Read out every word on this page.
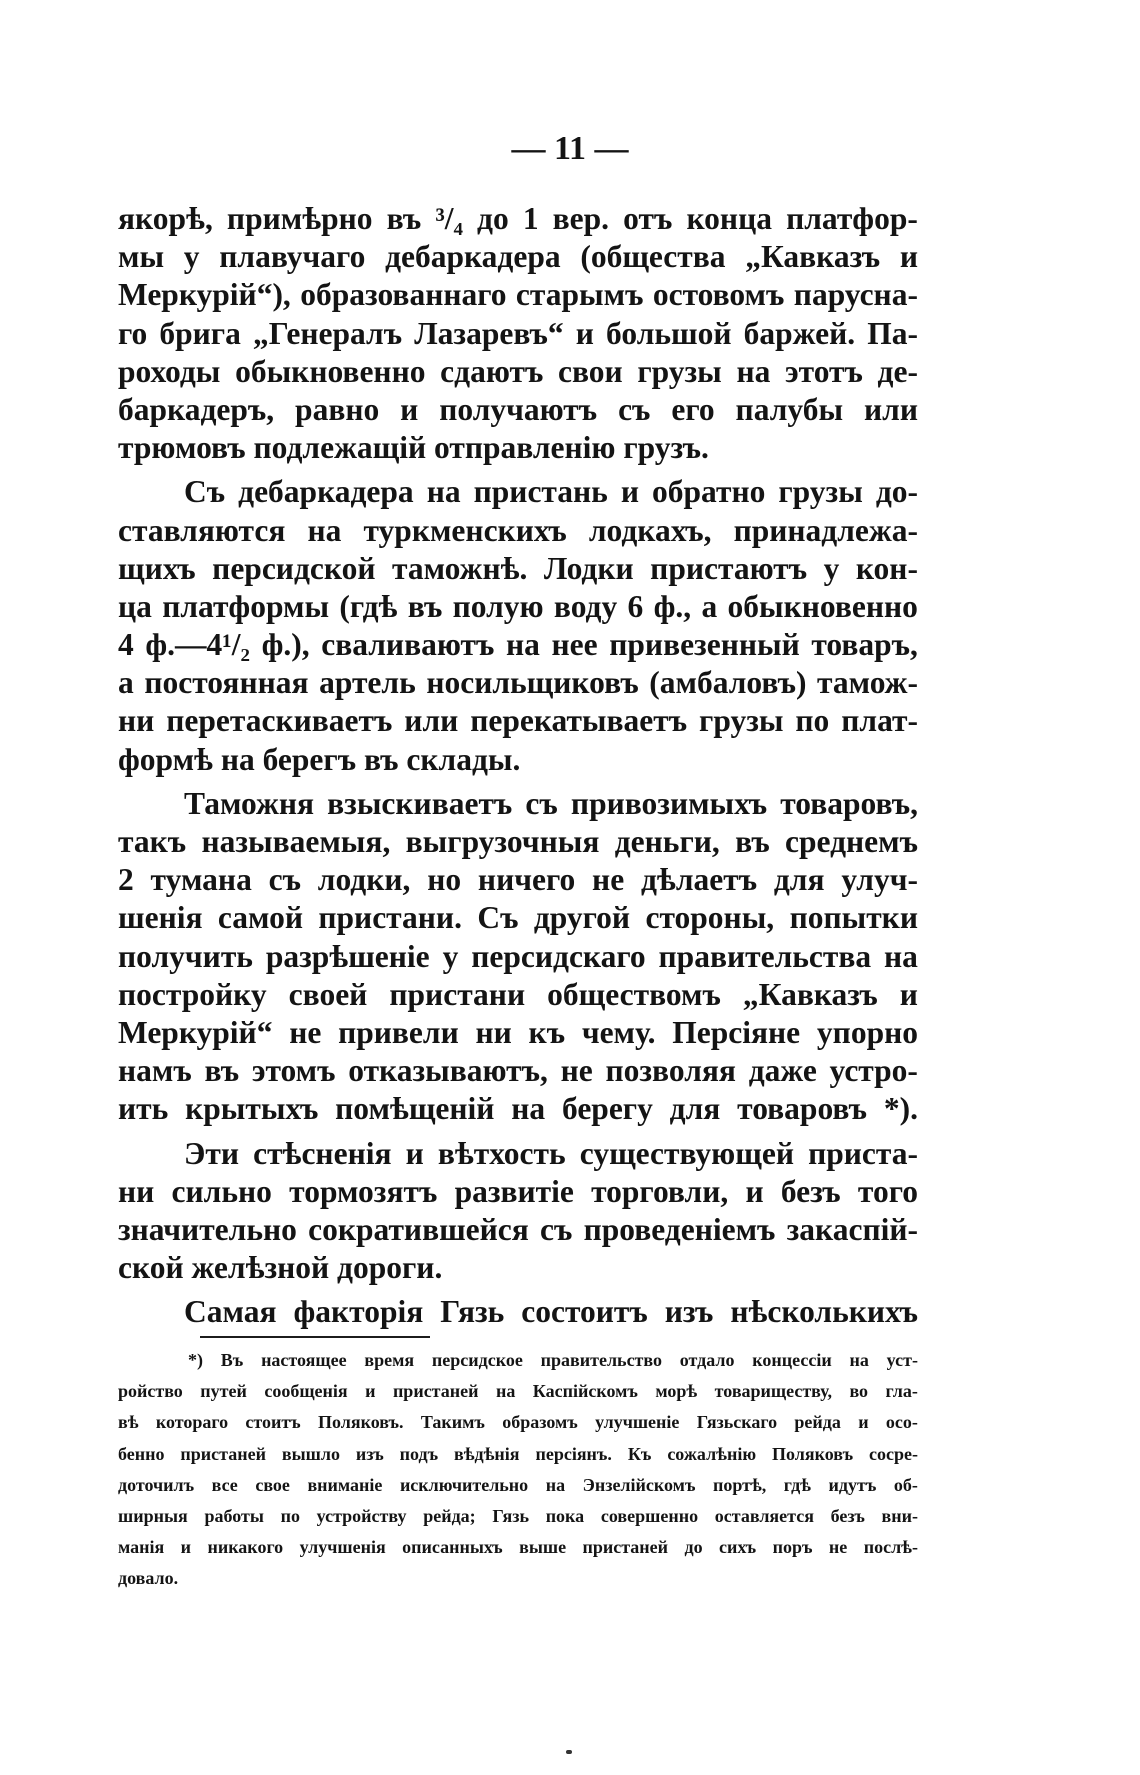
— 11 —
якорѣ, примѣрно въ ³/₄ до 1 вер. отъ конца платфор-
мы у плавучаго дебаркадера (общества „Кавказъ и
Меркурій“), образованнаго старымъ остовомъ паруснa-
го брига „Генералъ Лазаревъ“ и большой баржей. Па-
роходы обыкновенно сдаютъ свои грузы на этотъ де-
баркадеръ, равно и получаютъ съ его палубы или
трюмовъ подлежащій отправленію грузъ.
Съ дебаркадера на пристань и обратно грузы до-
ставляются на туркменскихъ лодкахъ, принадлежа-
щихъ персидской таможнѣ. Лодки пристаютъ у кон-
ца платформы (гдѣ въ полую воду 6 ф., а обыкновенно
4 ф.—4¹/₂ ф.), сваливаютъ на нее привезенный товаръ,
а постоянная артель носильщиковъ (амбаловъ) тамож-
ни перетаскиваетъ или перекатываетъ грузы по плат-
формѣ на берегъ въ склады.
Таможня взыскиваетъ съ привозимыхъ товаровъ,
такъ называемыя, выгрузочныя деньги, въ среднемъ
2 тумана съ лодки, но ничего не дѣлаетъ для улуч-
шенія самой пристани. Съ другой стороны, попытки
получить разрѣшеніе у персидскаго правительства на
постройку своей пристани обществомъ „Кавказъ и
Меркурій“ не привели ни къ чему. Персіяне упорно
намъ въ этомъ отказываютъ, не позволяя даже устро-
ить крытыхъ помѣщеній на берегу для товаровъ *).
Эти стѣсненія и вѣтхость существующей приста-
ни сильно тормозятъ развитіе торговли, и безъ того
значительно сократившейся съ проведеніемъ закаспій-
ской желѣзной дороги.
Самая факторія Гязь состоитъ изъ нѣсколькихъ
*) Въ настоящее время персидское правительство отдало концессіи на уст-
ройство путей сообщенія и пристаней на Каспійскомъ морѣ товариществу, во гла-
вѣ котораго стоитъ Поляковъ. Такимъ образомъ улучшеніе Гязьскаго рейда и осо-
бенно пристаней вышло изъ подъ вѣдѣнія персіянъ. Къ сожалѣнію Поляковъ сосре-
доточилъ все свое вниманіе исключительно на Энзелійскомъ портѣ, гдѣ идутъ об-
ширныя работы по устройству рейда; Гязь пока совершенно оставляется безъ вни-
манія и никакого улучшенія описанныхъ выше пристаней до сихъ поръ не послѣ-
довало.
